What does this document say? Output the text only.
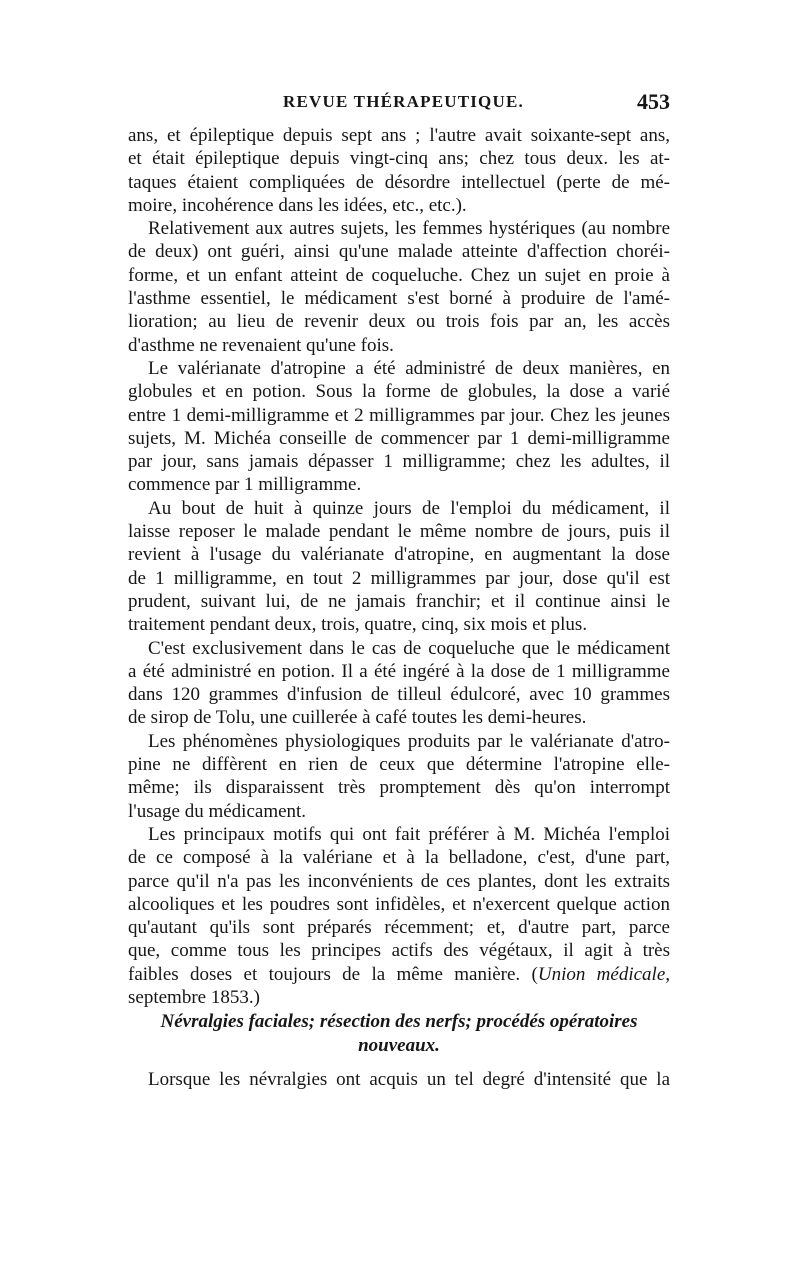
REVUE THÉRAPEUTIQUE.	453
ans, et épileptique depuis sept ans ; l'autre avait soixante-sept ans,
et était épileptique depuis vingt-cinq ans; chez tous deux. les at-
taques étaient compliquées de désordre intellectuel (perte de mé-
moire, incohérence dans les idées, etc., etc.).
Relativement aux autres sujets, les femmes hystériques (au nombre
de deux) ont guéri, ainsi qu'une malade atteinte d'affection choréi-
forme, et un enfant atteint de coqueluche. Chez un sujet en proie à
l'asthme essentiel, le médicament s'est borné à produire de l'amé-
lioration; au lieu de revenir deux ou trois fois par an, les accès
d'asthme ne revenaient qu'une fois.
Le valérianate d'atropine a été administré de deux manières, en
globules et en potion. Sous la forme de globules, la dose a varié
entre 1 demi-milligramme et 2 milligrammes par jour. Chez les jeunes
sujets, M. Michéa conseille de commencer par 1 demi-milligramme
par jour, sans jamais dépasser 1 milligramme; chez les adultes, il
commence par 1 milligramme.
Au bout de huit à quinze jours de l'emploi du médicament, il
laisse reposer le malade pendant le même nombre de jours, puis il
revient à l'usage du valérianate d'atropine, en augmentant la dose
de 1 milligramme, en tout 2 milligrammes par jour, dose qu'il est
prudent, suivant lui, de ne jamais franchir; et il continue ainsi le
traitement pendant deux, trois, quatre, cinq, six mois et plus.
C'est exclusivement dans le cas de coqueluche que le médicament
a été administré en potion. Il a été ingéré à la dose de 1 milligramme
dans 120 grammes d'infusion de tilleul édulcoré, avec 10 grammes
de sirop de Tolu, une cuillerée à café toutes les demi-heures.
Les phénomènes physiologiques produits par le valérianate d'atro-
pine ne diffèrent en rien de ceux que détermine l'atropine elle-
même; ils disparaissent très promptement dès qu'on interrompt
l'usage du médicament.
Les principaux motifs qui ont fait préférer à M. Michéa l'emploi
de ce composé à la valériane et à la belladone, c'est, d'une part,
parce qu'il n'a pas les inconvénients de ces plantes, dont les extraits
alcooliques et les poudres sont infidèles, et n'exercent quelque action
qu'autant qu'ils sont préparés récemment; et, d'autre part, parce
que, comme tous les principes actifs des végétaux, il agit à très
faibles doses et toujours de la même manière. (Union médicale,
septembre 1853.)
Névralgies faciales; résection des nerfs; procédés opératoires
nouveaux.
Lorsque les névralgies ont acquis un tel degré d'intensité que la
